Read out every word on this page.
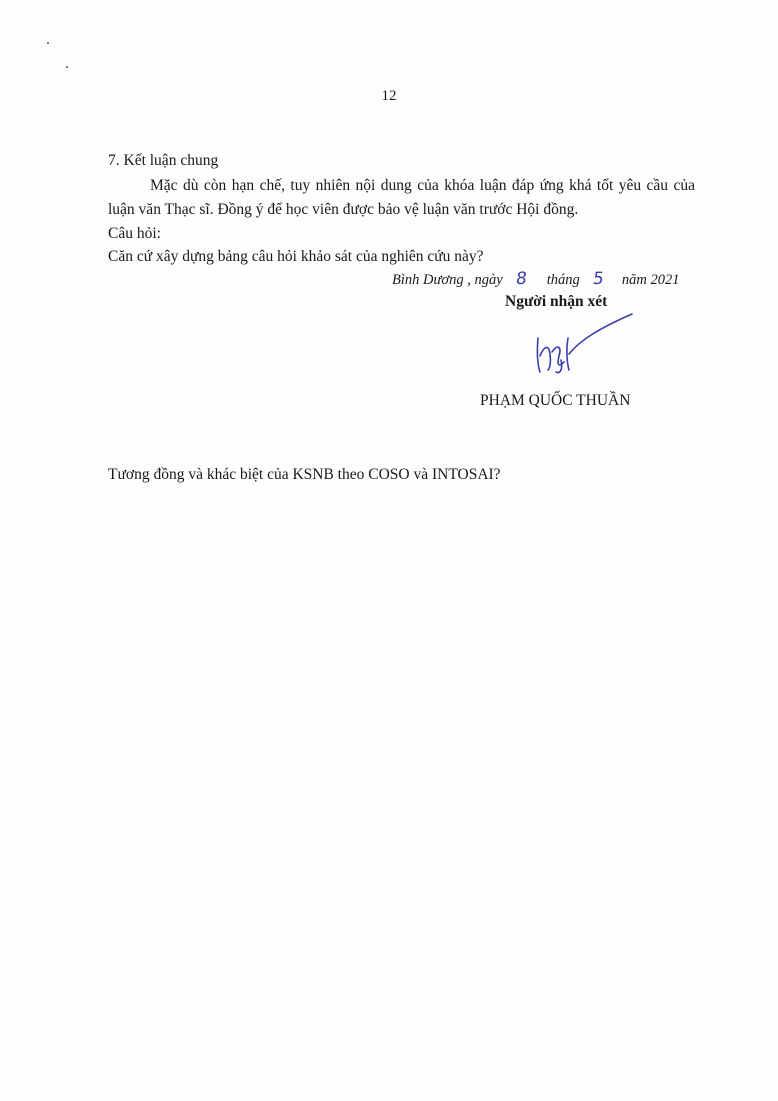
12
7. Kết luận chung
Mặc dù còn hạn chế, tuy nhiên nội dung của khóa luận đáp ứng khá tốt yêu cầu của
luận văn Thạc sĩ. Đồng ý để học viên được bảo vệ luận văn trước Hội đồng.
Câu hỏi:
Căn cứ xây dựng bảng câu hỏi khảo sát của nghiên cứu này?
Bình Dương , ngày 8 tháng 5 năm 2021
Người nhận xét
PHẠM QUỐC THUẦN
Tương đồng và khác biệt của KSNB theo COSO và INTOSAI?
